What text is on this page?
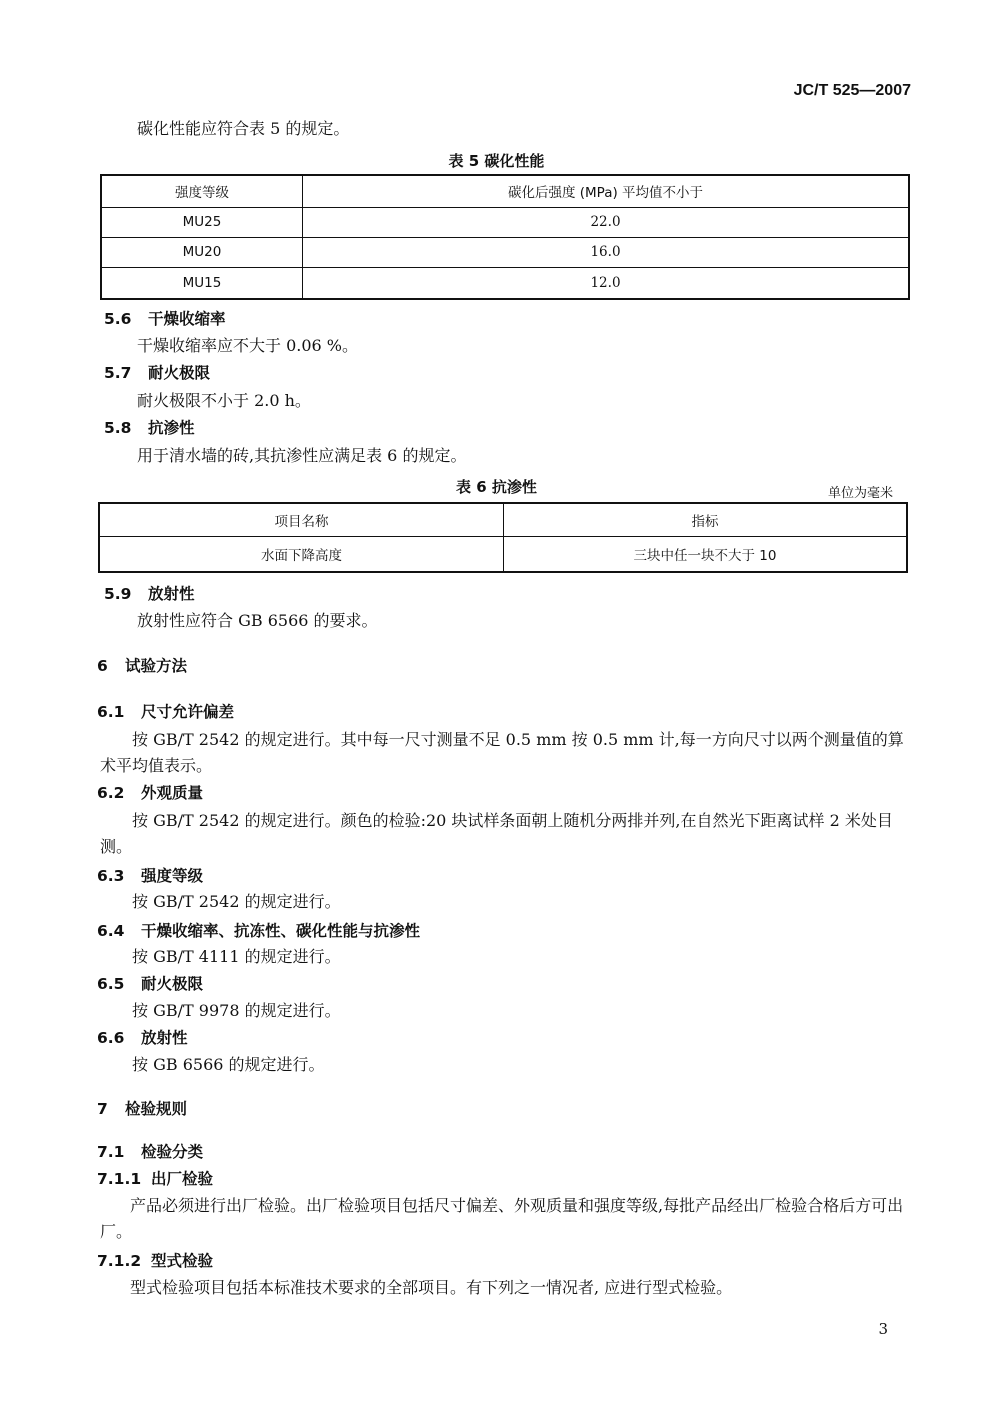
JC/T 525—2007
碳化性能应符合表 5 的规定。
表 5 碳化性能
强度等级	碳化后强度 (MPa) 平均值不小于
MU25	22.0
MU20	16.0
MU15	12.0
5.6 干燥收缩率
干燥收缩率应不大于 0.06 %。
5.7 耐火极限
耐火极限不小于 2.0 h。
5.8 抗渗性
用于清水墙的砖,其抗渗性应满足表 6 的规定。
表 6 抗渗性	单位为毫米
项目名称	指标
水面下降高度	三块中任一块不大于 10
5.9 放射性
放射性应符合 GB 6566 的要求。
6 试验方法
6.1 尺寸允许偏差
按 GB/T 2542 的规定进行。其中每一尺寸测量不足 0.5 mm 按 0.5 mm 计,每一方向尺寸以两个测量值的算术平均值表示。
6.2 外观质量
按 GB/T 2542 的规定进行。颜色的检验:20 块试样条面朝上随机分两排并列,在自然光下距离试样 2 米处目测。
6.3 强度等级
按 GB/T 2542 的规定进行。
6.4 干燥收缩率、抗冻性、碳化性能与抗渗性
按 GB/T 4111 的规定进行。
6.5 耐火极限
按 GB/T 9978 的规定进行。
6.6 放射性
按 GB 6566 的规定进行。
7 检验规则
7.1 检验分类
7.1.1 出厂检验
产品必须进行出厂检验。出厂检验项目包括尺寸偏差、外观质量和强度等级,每批产品经出厂检验合格后方可出厂。
7.1.2 型式检验
型式检验项目包括本标准技术要求的全部项目。有下列之一情况者, 应进行型式检验。
3
